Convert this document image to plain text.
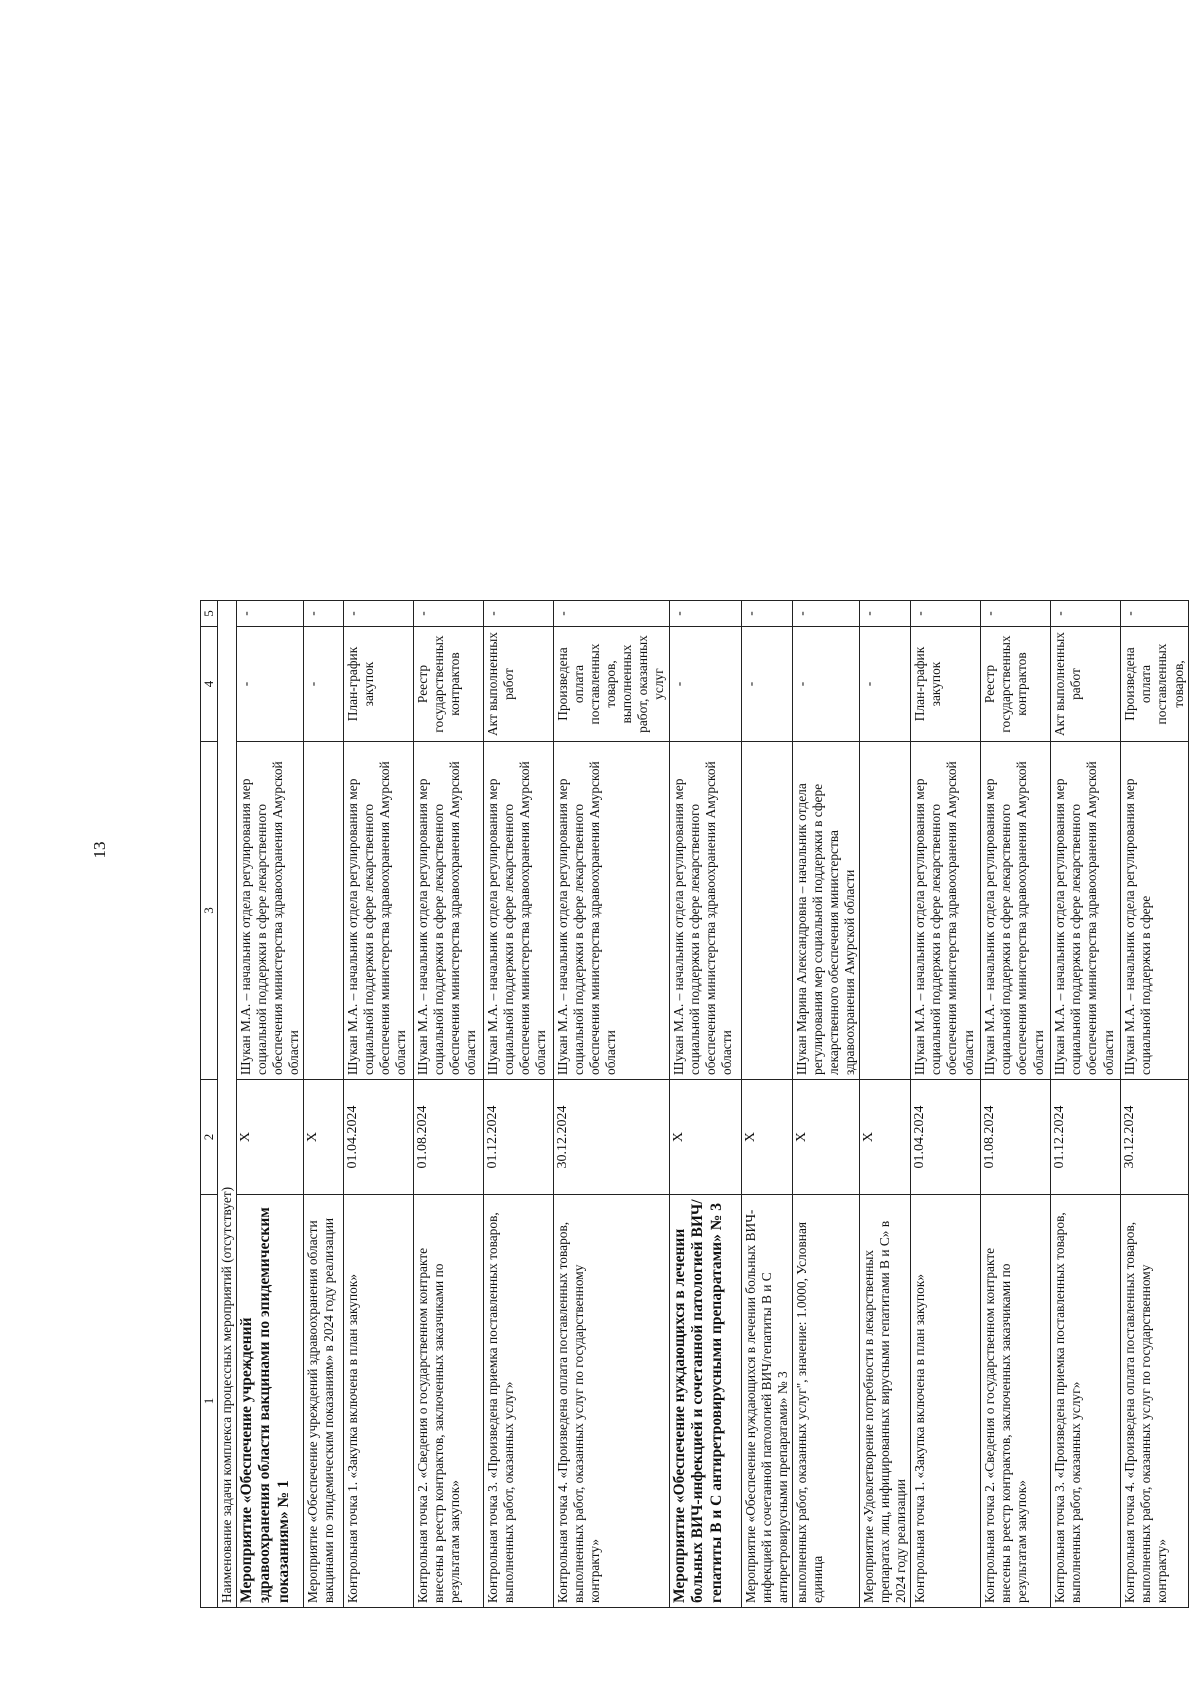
13
1	2	3	4	5
Наименование задачи комплекса процессных мероприятий (отсутствует)				
Мероприятие «Обеспечение учреждений здравоохранения области вакцинами по эпидемическим показаниям» № 1	X	Шукан М.А. – начальник отдела регулирования мер социальной поддержки в сфере лекарственного обеспечения министерства здравоохранения Амурской области	-	-
Мероприятие «Обеспечение учреждений здравоохранения области вакцинами по эпидемическим показаниям» в 2024 году реализации	X		-	-
Контрольная точка 1. «Закупка включена в план закупок»	01.04.2024	Шукан М.А. – начальник отдела регулирования мер социальной поддержки в сфере лекарственного обеспечения министерства здравоохранения Амурской области	План-график закупок	-
Контрольная точка 2. «Сведения о государственном контракте внесены в реестр контрактов, заключенных заказчиками по результатам закупок»	01.08.2024	Шукан М.А. – начальник отдела регулирования мер социальной поддержки в сфере лекарственного обеспечения министерства здравоохранения Амурской области	Реестр государственных контрактов	-
Контрольная точка 3. «Произведена приемка поставленных товаров, выполненных работ, оказанных услуг»	01.12.2024	Шукан М.А. – начальник отдела регулирования мер социальной поддержки в сфере лекарственного обеспечения министерства здравоохранения Амурской области	Акт выполненных работ	-
Контрольная точка 4. «Произведена оплата поставленных товаров, выполненных работ, оказанных услуг по государственному контракту»	30.12.2024	Шукан М.А. – начальник отдела регулирования мер социальной поддержки в сфере лекарственного обеспечения министерства здравоохранения Амурской области	Произведена оплата поставленных товаров, выполненных работ, оказанных услуг	-
Мероприятие «Обеспечение нуждающихся в лечении больных ВИЧ-инфекцией и сочетанной патологией ВИЧ/гепатиты В и С антиретровирусными препаратами» № 3	X	Шукан М.А. – начальник отдела регулирования мер социальной поддержки в сфере лекарственного обеспечения министерства здравоохранения Амурской области	-	-
Мероприятие «Обеспечение нуждающихся в лечении больных ВИЧ-инфекцией и сочетанной патологией ВИЧ/гепатиты В и С антиретровирусными препаратами» № 3	X		-	-
выполненных работ, оказанных услуг", значение: 1.0000, Условная единица	X	Шукан Марина Александровна – начальник отдела регулирования мер социальной поддержки в сфере лекарственного обеспечения министерства здравоохранения Амурской области	-	-
Мероприятие «Удовлетворение потребности в лекарственных препаратах лиц, инфицированных вирусными гепатитами В и С» в 2024 году реализации	X		-	-
Контрольная точка 1. «Закупка включена в план закупок»	01.04.2024	Шукан М.А. – начальник отдела регулирования мер социальной поддержки в сфере лекарственного обеспечения министерства здравоохранения Амурской области	План-график закупок	-
Контрольная точка 2. «Сведения о государственном контракте внесены в реестр контрактов, заключенных заказчиками по результатам закупок»	01.08.2024	Шукан М.А. – начальник отдела регулирования мер социальной поддержки в сфере лекарственного обеспечения министерства здравоохранения Амурской области	Реестр государственных контрактов	-
Контрольная точка 3. «Произведена приемка поставленных товаров, выполненных работ, оказанных услуг»	01.12.2024	Шукан М.А. – начальник отдела регулирования мер социальной поддержки в сфере лекарственного обеспечения министерства здравоохранения Амурской области	Акт выполненных работ	-
Контрольная точка 4. «Произведена оплата поставленных товаров, выполненных работ, оказанных услуг по государственному контракту»	30.12.2024	Шукан М.А. – начальник отдела регулирования мер социальной поддержки в сфере	Произведена оплата поставленных товаров,	-
